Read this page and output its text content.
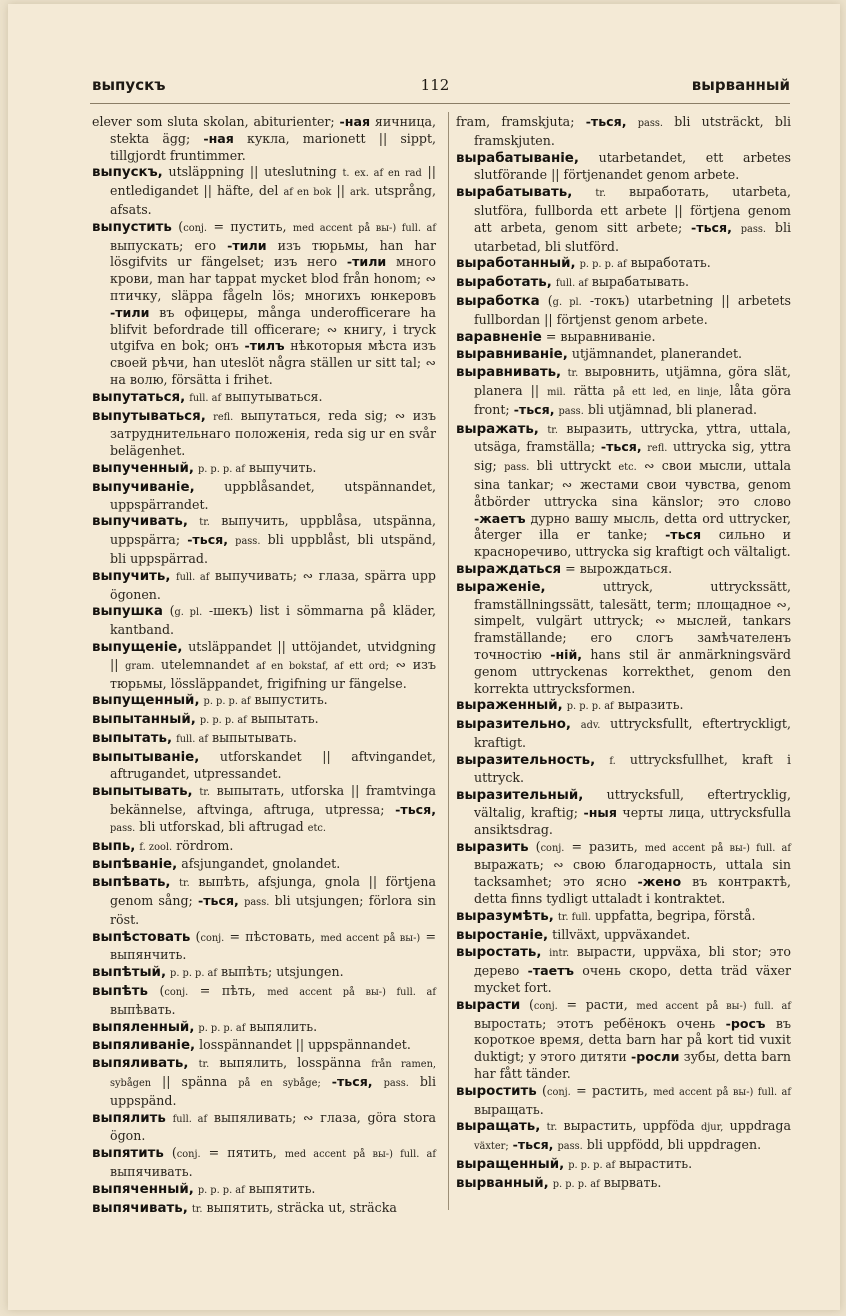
выпускъ	112	вырванный
elever som sluta skolan, abiturienter; -ная яичница, stekta ägg; -ная кукла, marionett || sippt, tillgjordt fruntimmer.
выпускъ, utsläppning || uteslutning t. ex. af en rad || entledigandet || häfte, del af en bok || ark. utsprång, afsats.
выпустить (conj. = пустить, med accent på вы-) full. af выпускать; его -тили изъ тюрьмы, han har lösgifvits ur fängelset; изъ него -тили много крови, man har tappat mycket blod från honom; ∾ птичку, släppa fågeln lös; многихъ юнкеровъ -тили въ офицеры, många underofficerare ha blifvit befordrade till officerare; ∾ книгу, i tryck utgifva en bok; онъ -тилъ нѣкоторыя мѣста изъ своей рѣчи, han uteslöt några ställen ur sitt tal; ∾ на волю, försätta i frihet.
выпутаться, full. af выпутываться.
выпутываться, refl. выпутаться, reda sig; ∾ изъ затруднительнаго положенія, reda sig ur en svår belägenhet.
выпученный, p. p. p. af выпучить.
выпучиваніе, uppblåsandet, utspännandet, uppspärrandet.
выпучивать, tr. выпучить, uppblåsa, utspänna, uppspärra; -ться, pass. bli uppblåst, bli utspänd, bli uppspärrad.
выпучить, full. af выпучивать; ∾ глаза, spärra upp ögonen.
выпушка (g. pl. -шекъ) list i sömmarna på kläder, kantband.
выпущеніе, utsläppandet || uttöjandet, utvidgning || gram. utelemnandet af en bokstaf, af ett ord; ∾ изъ тюрьмы, lössläppandet, frigifning ur fängelse.
выпущенный, p. p. p. af выпустить.
выпытанный, p. p. p. af выпытать.
выпытать, full. af выпытывать.
выпытываніе, utforskandet || aftvingandet, aftrugandet, utpressandet.
выпытывать, tr. выпытать, utforska || framtvinga bekännelse, aftvinga, aftruga, utpressa; -ться, pass. bli utforskad, bli aftrugad etc.
выпь, f. zool. rördrom.
выпѣваніе, afsjungandet, gnolandet.
выпѣвать, tr. выпѣть, afsjunga, gnola || förtjena genom sång; -ться, pass. bli utsjungen; förlora sin röst.
выпѣстовать (conj. = пѣстовать, med accent på вы-) = выпянчить.
выпѣтый, p. p. p. af выпѣть; utsjungen.
выпѣть (conj. = пѣть, med accent på вы-) full. af выпѣвать.
выпяленный, p. p. p. af выпялить.
выпяливаніе, losspännandet || uppspännandet.
выпяливать, tr. выпялить, losspänna från ramen, sybågen || spänna på en sybåge; -ться, pass. bli uppspänd.
выпялить full. af выпяливать; ∾ глаза, göra stora ögon.
выпятить (conj. = пятить, med accent på вы-) full. af выпячивать.
выпяченный, p. p. p. af выпятить.
выпячивать, tr. выпятить, sträcka ut, sträcka
fram, framskjuta; -ться, pass. bli utsträckt, bli framskjuten.
вырабатываніе, utarbetandet, ett arbetes slutförande || förtjenandet genom arbete.
вырабатывать, tr. выработать, utarbeta, slutföra, fullborda ett arbete || förtjena genom att arbeta, genom sitt arbete; -ться, pass. bli utarbetad, bli slutförd.
выработанный, p. p. p. af выработать.
выработать, full. af вырабатывать.
выработка (g. pl. -токъ) utarbetning || arbetets fullbordan || förtjenst genom arbete.
варавненіе = выравниваніе.
выравниваніе, utjämnandet, planerandet.
выравнивать, tr. выровнить, utjämna, göra slät, planera || mil. rätta på ett led, en linje, låta göra front; -ться, pass. bli utjämnad, bli planerad.
выражать, tr. выразить, uttrycka, yttra, uttala, utsäga, framställa; -ться, refl. uttrycka sig, yttra sig; pass. bli uttryckt etc. ∾ свои мысли, uttala sina tankar; ∾ жестами свои чувства, genom åtbörder uttrycka sina känslor; это слово -жаетъ дурно вашу мысль, detta ord uttrycker, återger illa er tanke; -ться сильно и красноречиво, uttrycka sig kraftigt och vältaligt.
выраждаться = вырождаться.
выраженіе, uttryck, uttryckssätt, framställningssätt, talesätt, term; площадное ∾, simpelt, vulgärt uttryck; ∾ мыслей, tankars framställande; его слогъ замѣчателенъ точностію -ній, hans stil är anmärkningsvärd genom uttryckenas korrekthet, genom den korrekta uttrycksformen.
выраженный, p. p. p. af выразить.
выразительно, adv. uttrycksfullt, eftertryckligt, kraftigt.
выразительность, f. uttrycksfullhet, kraft i uttryck.
выразительный, uttrycksfull, eftertrycklig, vältalig, kraftig; -ныя черты лица, uttrycksfulla ansiktsdrag.
выразить (conj. = разить, med accent på вы-) full. af выражать; ∾ свою благодарность, uttala sin tacksamhet; это ясно -жено въ контрактѣ, detta finns tydligt uttaladt i kontraktet.
выразумѣть, tr. full. uppfatta, begripa, förstå.
выростаніе, tillväxt, uppväxandet.
выростать, intr. вырасти, uppväxa, bli stor; это дерево -таетъ очень скоро, detta träd växer mycket fort.
вырасти (conj. = расти, med accent på вы-) full. af выростать; этотъ ребёнокъ очень -росъ въ короткое время, detta barn har på kort tid vuxit duktigt; у этого дитяти -росли зубы, detta barn har fått tänder.
выростить (conj. = растить, med accent på вы-) full. af выращать.
выращать, tr. вырастить, uppföda djur, uppdraga växter; -ться, pass. bli uppfödd, bli uppdragen.
выращенный, p. p. p. af вырастить.
вырванный, p. p. p. af вырвать.
